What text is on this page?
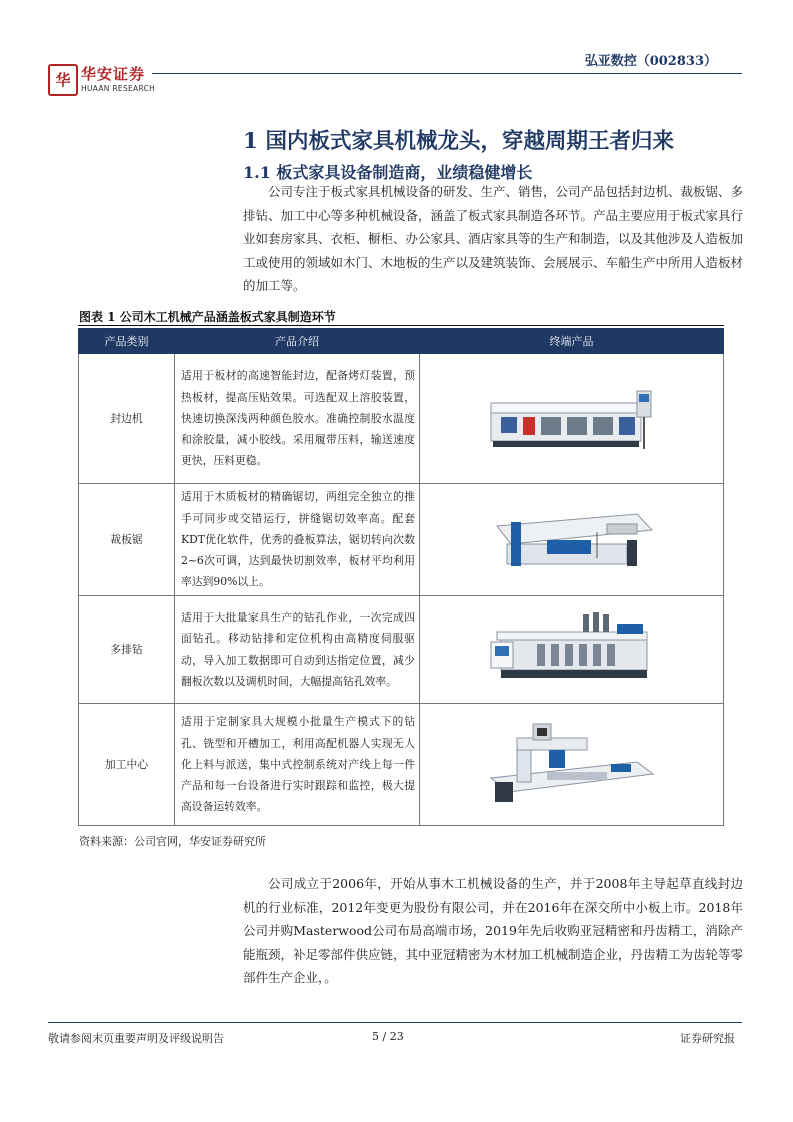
华 华安证券
HUAAN RESEARCH
弘亚数控（002833）
1 国内板式家具机械龙头，穿越周期王者归来
1.1 板式家具设备制造商，业绩稳健增长

公司专注于板式家具机械设备的研发、生产、销售，公司产品包括封边机、裁板锯、多排钻、加工中心等多种机械设备，涵盖了板式家具制造各环节。产品主要应用于板式家具行业如套房家具、衣柜、橱柜、办公家具、酒店家具等的生产和制造，以及其他涉及人造板加工或使用的领域如木门、木地板的生产以及建筑装饰、会展展示、车船生产中所用人造板材的加工等。

图表 1 公司木工机械产品涵盖板式家具制造环节
产品类别	产品介绍	终端产品
封边机	适用于板材的高速智能封边，配备烤灯装置，预热板材，提高压贴效果。可选配双上溶胶装置，快速切换深浅两种颜色胶水。准确控制胶水温度和涂胶量，减小胶线。采用履带压料，输送速度更快，压料更稳。	

裁板锯	适用于木质板材的精确锯切，两组完全独立的推手可同步或交错运行，拼缝锯切效率高。配套KDT优化软件，优秀的叠板算法，锯切转向次数2~6次可调，达到最快切割效率，板材平均利用率达到90%以上。	

多排钻	适用于大批量家具生产的钻孔作业，一次完成四面钻孔。移动钻排和定位机构由高精度伺服驱动，导入加工数据即可自动到达指定位置，减少翻板次数以及调机时间，大幅提高钻孔效率。	

加工中心	适用于定制家具大规模小批量生产模式下的钻孔、铣型和开槽加工，利用高配机器人实现无人化上料与派送，集中式控制系统对产线上每一件产品和每一台设备进行实时跟踪和监控，极大提高设备运转效率。	
资料来源：公司官网，华安证券研究所

公司成立于2006年，开始从事木工机械设备的生产，并于2008年主导起草直线封边机的行业标准，2012年变更为股份有限公司，并在2016年在深交所中小板上市。2018年公司并购Masterwood公司布局高端市场，2019年先后收购亚冠精密和丹齿精工，消除产能瓶颈，补足零部件供应链，其中亚冠精密为木材加工机械制造企业，丹齿精工为齿轮等零部件生产企业，。

敬请参阅末页重要声明及评级说明告	5 / 23	证券研究报
